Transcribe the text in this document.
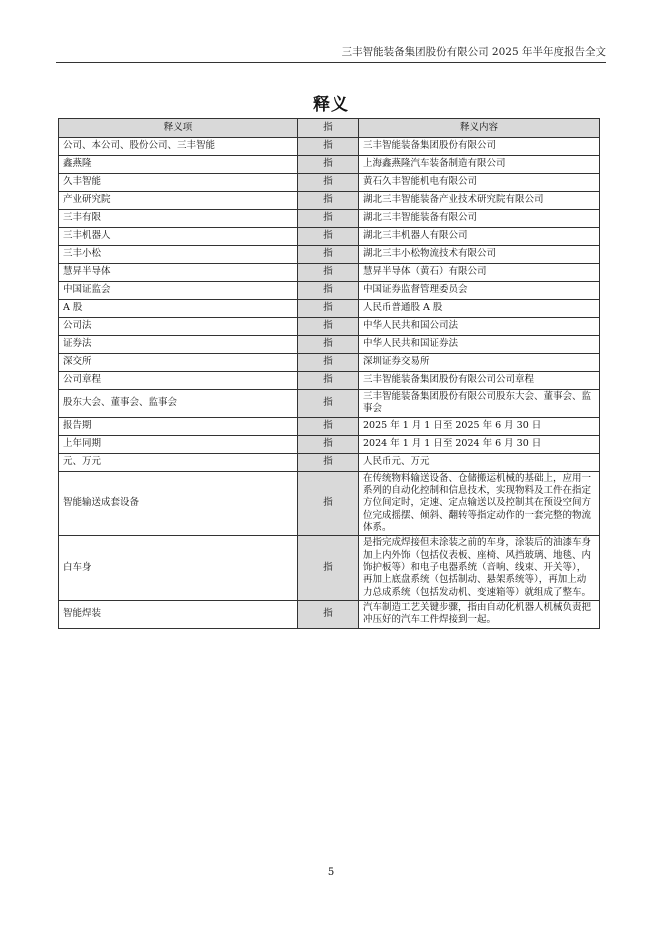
三丰智能装备集团股份有限公司 2025 年半年度报告全文
释义
释义项	指	释义内容
公司、本公司、股份公司、三丰智能	指	三丰智能装备集团股份有限公司
鑫燕隆	指	上海鑫燕隆汽车装备制造有限公司
久丰智能	指	黄石久丰智能机电有限公司
产业研究院	指	湖北三丰智能装备产业技术研究院有限公司
三丰有限	指	湖北三丰智能装备有限公司
三丰机器人	指	湖北三丰机器人有限公司
三丰小松	指	湖北三丰小松物流技术有限公司
慧昇半导体	指	慧昇半导体（黄石）有限公司
中国证监会	指	中国证券监督管理委员会
A 股	指	人民币普通股 A 股
公司法	指	中华人民共和国公司法
证券法	指	中华人民共和国证券法
深交所	指	深圳证券交易所
公司章程	指	三丰智能装备集团股份有限公司公司章程
股东大会、董事会、监事会	指	三丰智能装备集团股份有限公司股东大会、董事会、监事会
报告期	指	2025 年 1 月 1 日至 2025 年 6 月 30 日
上年同期	指	2024 年 1 月 1 日至 2024 年 6 月 30 日
元、万元	指	人民币元、万元
智能输送成套设备	指	在传统物料输送设备、仓储搬运机械的基础上，应用一系列的自动化控制和信息技术，实现物料及工件在指定方位间定时，定速、定点输送以及控制其在预设空间方位完成摇摆、倾斜、翻转等指定动作的一套完整的物流体系。
白车身	指	是指完成焊接但未涂装之前的车身，涂装后的油漆车身加上内外饰（包括仪表板、座椅、风挡玻璃、地毯、内饰护板等）和电子电器系统（音响、线束、开关等），再加上底盘系统（包括制动、悬架系统等），再加上动力总成系统（包括发动机、变速箱等）就组成了整车。
智能焊装	指	汽车制造工艺关键步骤，指由自动化机器人机械负责把冲压好的汽车工件焊接到一起。
5
